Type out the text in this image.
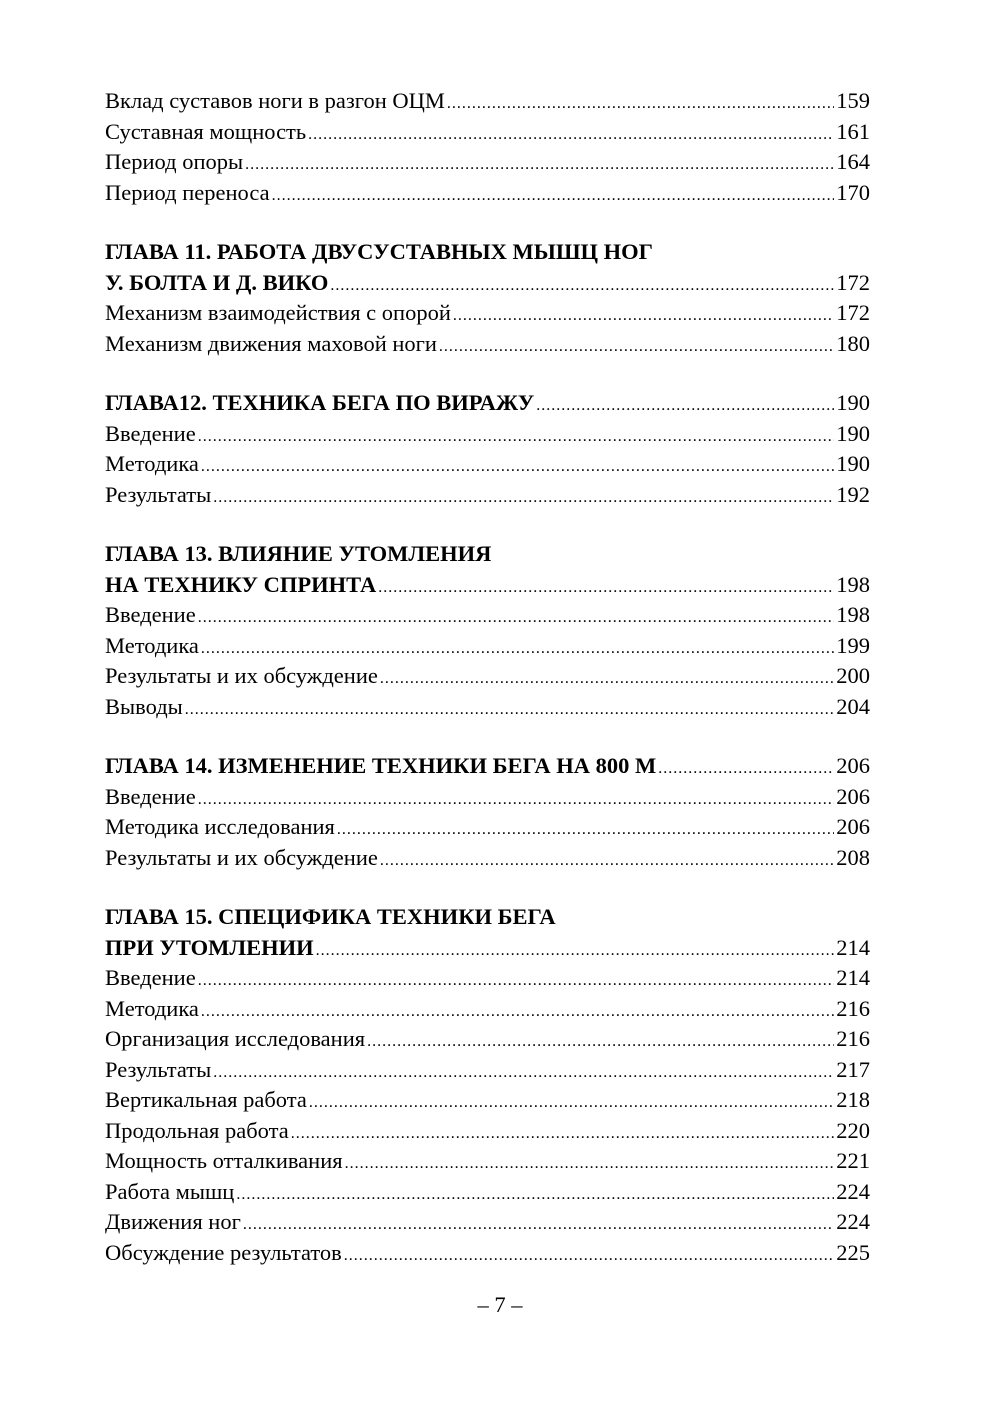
Вклад суставов ноги в разгон ОЦМ .....	159
Суставная мощность .....	161
Период опоры .....	164
Период переноса .....	170
ГЛАВА 11. РАБОТА ДВУСУСТАВНЫХ МЫШЦ НОГ
У. БОЛТА И Д. ВИКО .....	172
Механизм взаимодействия с опорой .....	172
Механизм движения маховой ноги .....	180
ГЛАВА12. ТЕХНИКА БЕГА ПО ВИРАЖУ .....	190
Введение .....	190
Методика .....	190
Результаты .....	192
ГЛАВА 13. ВЛИЯНИЕ УТОМЛЕНИЯ
НА ТЕХНИКУ СПРИНТА .....	198
Введение .....	198
Методика .....	199
Результаты и их обсуждение .....	200
Выводы .....	204
ГЛАВА 14. ИЗМЕНЕНИЕ ТЕХНИКИ БЕГА НА 800 М .....	206
Введение .....	206
Методика исследования .....	206
Результаты и их обсуждение .....	208
ГЛАВА 15. СПЕЦИФИКА ТЕХНИКИ БЕГА
ПРИ УТОМЛЕНИИ .....	214
Введение .....	214
Методика .....	216
Организация исследования .....	216
Результаты .....	217
Вертикальная работа .....	218
Продольная работа .....	220
Мощность отталкивания .....	221
Работа мышц .....	224
Движения ног .....	224
Обсуждение результатов .....	225
– 7 –
